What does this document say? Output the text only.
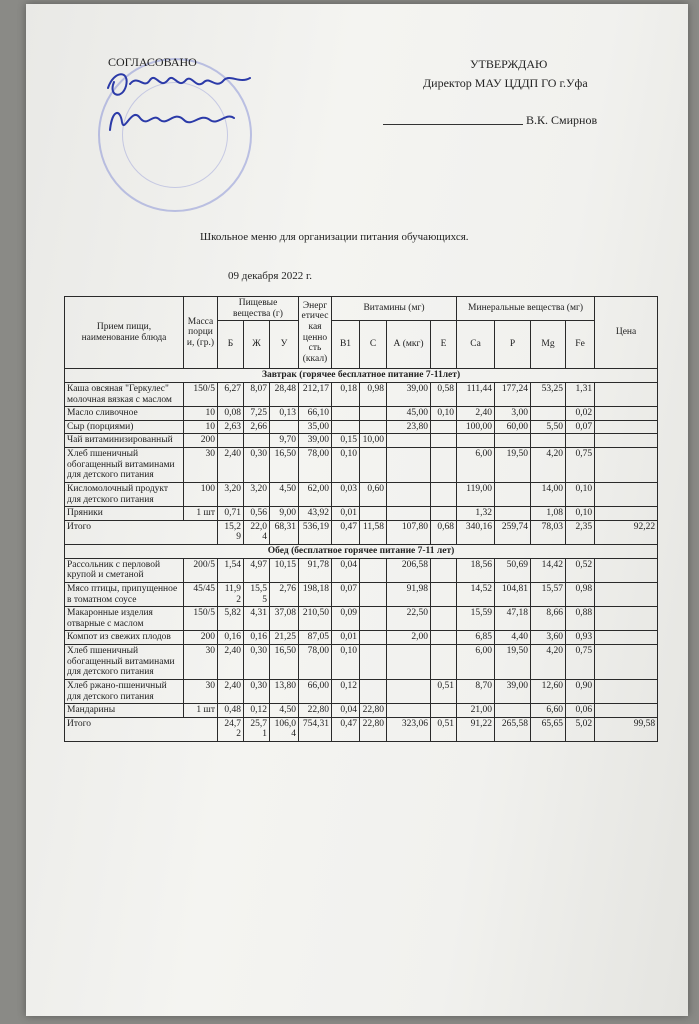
СОГЛАСОВАНО	УТВЕРЖДАЮ
Директор МАУ ЦДДП ГО г.Уфа
В.К. Смирнов
Школьное меню для организации питания обучающихся.
09 декабря 2022 г.
Прием пищи, наименование блюда	Масса порции, (гр.)	Пищевые вещества (г)			Энергетическая ценность (ккал)	Витамины (мг)				Минеральные вещества (мг)				Цена
		Б	Ж	У		B1	C	А (мкг)	E	Ca	P	Mg	Fe	
Завтрак (горячее бесплатное питание 7-11лет)														
Каша овсяная "Геркулес" молочная вязкая с маслом	150/5	6,27	8,07	28,48	212,17	0,18	0,98	39,00	0,58	111,44	177,24	53,25	1,31	
Масло сливочное	10	0,08	7,25	0,13	66,10			45,00	0,10	2,40	3,00		0,02	
Сыр (порциями)	10	2,63	2,66		35,00			23,80		100,00	60,00	5,50	0,07	
Чай витаминизированный	200			9,70	39,00	0,15	10,00							
Хлеб пшеничный обогащенный витаминами для детского питания	30	2,40	0,30	16,50	78,00	0,10				6,00	19,50	4,20	0,75	
Кисломолочный продукт для детского питания	100	3,20	3,20	4,50	62,00	0,03	0,60			119,00		14,00	0,10	
Пряники	1 шт	0,71	0,56	9,00	43,92	0,01				1,32		1,08	0,10	
Итого		15,29	22,04	68,31	536,19	0,47	11,58	107,80	0,68	340,16	259,74	78,03	2,35	92,22
Обед (бесплатное горячее питание 7-11 лет)														
Рассольник с перловой крупой и сметаной	200/5	1,54	4,97	10,15	91,78	0,04		206,58		18,56	50,69	14,42	0,52	
Мясо птицы, припущенное в томатном соусе	45/45	11,92	15,55	2,76	198,18	0,07		91,98		14,52	104,81	15,57	0,98	
Макаронные изделия отварные с маслом	150/5	5,82	4,31	37,08	210,50	0,09		22,50		15,59	47,18	8,66	0,88	
Компот из свежих плодов	200	0,16	0,16	21,25	87,05	0,01		2,00		6,85	4,40	3,60	0,93	
Хлеб пшеничный обогащенный витаминами для детского питания	30	2,40	0,30	16,50	78,00	0,10				6,00	19,50	4,20	0,75	
Хлеб ржано-пшеничный для детского питания	30	2,40	0,30	13,80	66,00	0,12			0,51	8,70	39,00	12,60	0,90	
Мандарины	1 шт	0,48	0,12	4,50	22,80	0,04	22,80			21,00		6,60	0,06	
Итого		24,72	25,71	106,04	754,31	0,47	22,80	323,06	0,51	91,22	265,58	65,65	5,02	99,58
